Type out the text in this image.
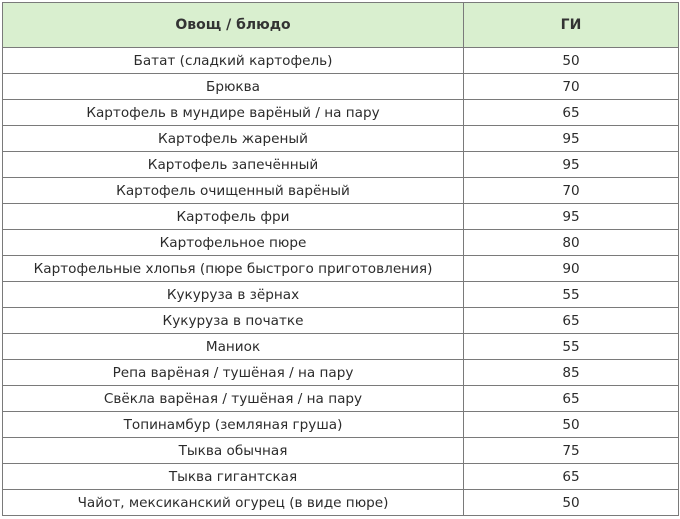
Овощ / блюдо	ГИ
Батат (сладкий картофель)	50
Брюква	70
Картофель в мундире варёный / на пару	65
Картофель жареный	95
Картофель запечённый	95
Картофель очищенный варёный	70
Картофель фри	95
Картофельное пюре	80
Картофельные хлопья (пюре быстрого приготовления)	90
Кукуруза в зёрнах	55
Кукуруза в початке	65
Маниок	55
Репа варёная / тушёная / на пару	85
Свёкла варёная / тушёная / на пару	65
Топинамбур (земляная груша)	50
Тыква обычная	75
Тыква гигантская	65
Чайот, мексиканский огурец (в виде пюре)	50
